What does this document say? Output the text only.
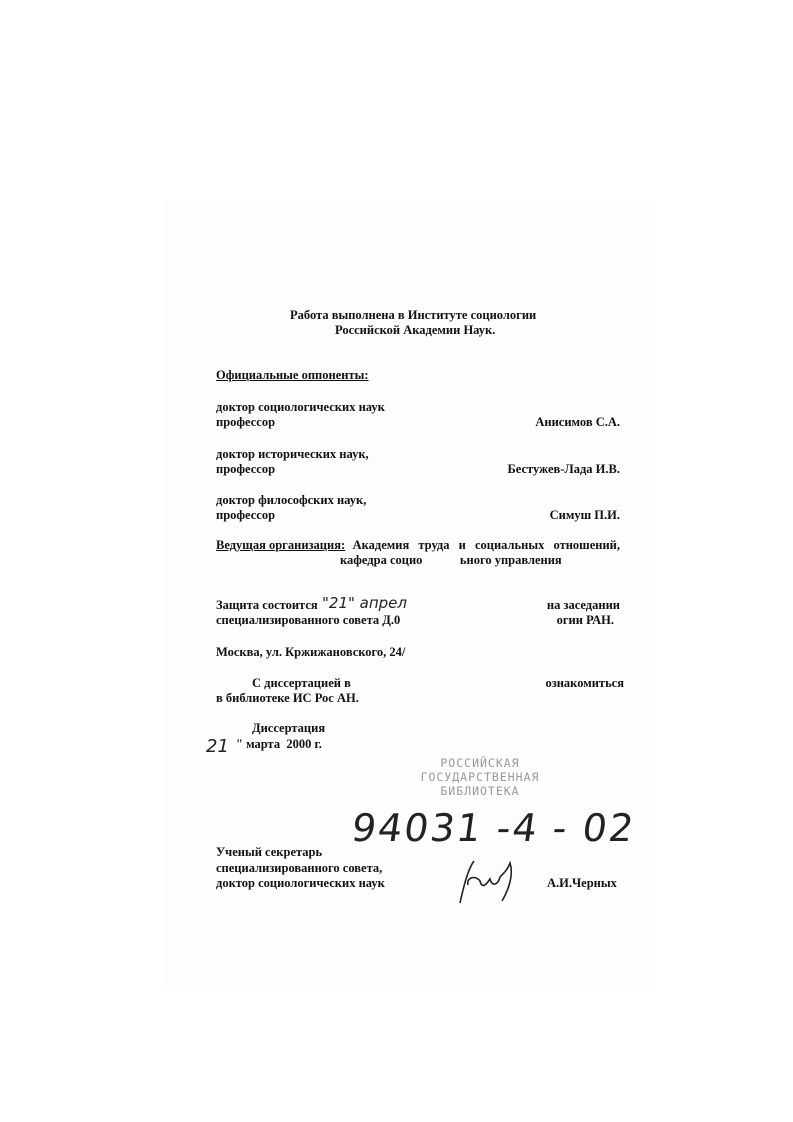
Работа выполнена в Институте социологии
Российской Академии Наук.
Официальные оппоненты:
доктор социологических наук
профессор	Анисимов С.А.
доктор исторических наук,
профессор	Бестужев-Лада И.В.
доктор философских наук,
профессор	Симуш П.И.
Ведущая организация: Академия труда и социальных отношений,
кафедра социо            ьного управления
Защита состоится "21" апрел	на заседании
специализированного совета Д.0	огии РАН.
Москва, ул. Кржижановского, 24/
С диссертацией в	ознакомиться
в библиотеке ИС Рос АН.
Диссертация
21 " марта  2000 г.
РОССИЙСКАЯ
ГОСУДАРСТВЕННАЯ
БИБЛИОТЕКА
94031 -4 - 02
Ученый секретарь
специализированного совета,
доктор социологических наук	А.И.Черных
